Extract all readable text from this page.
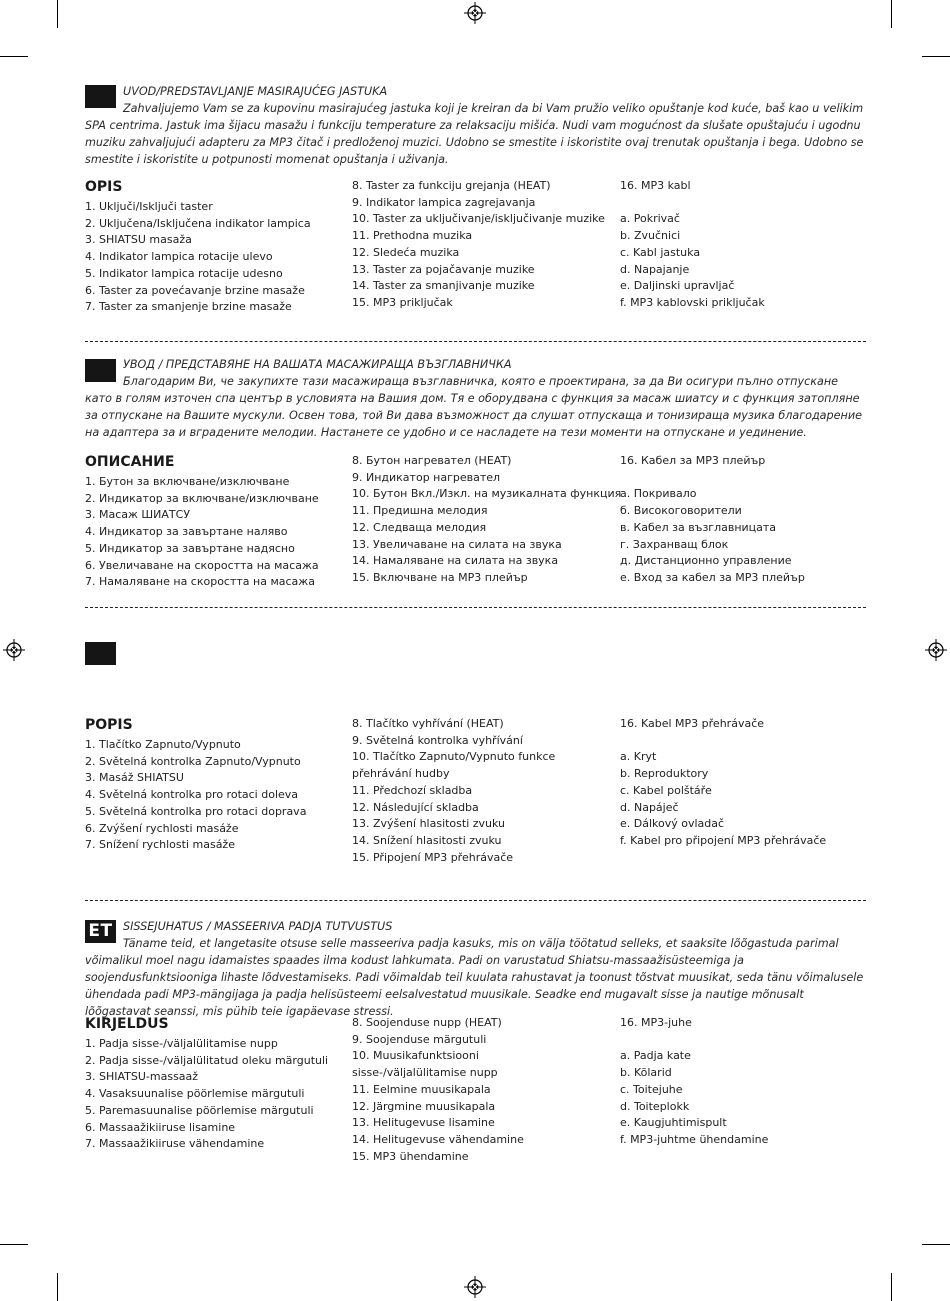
UVOD/PREDSTAVLJANJE MASIRAJUĆEG JASTUKA
Zahvaljujemo Vam se za kupovinu masirajućeg jastuka koji je kreiran da bi Vam pružio veliko opuštanje kod kuće, baš kao u velikim SPA centrima. Jastuk ima šijacu masažu i funkciju temperature za relaksaciju mišića. Nudi vam mogućnost da slušate opuštajuću i ugodnu muziku zahvaljujući adapteru za MP3 čitač i predloženoj muzici. Udobno se smestite i iskoristite ovaj trenutak opuštanja i bega. Udobno se smestite i iskoristite u potpunosti momenat opuštanja i uživanja.
OPIS
1. Uključi/Isključi taster
2. Uključena/Isključena indikator lampica
3. SHIATSU masaža
4. Indikator lampica rotacije ulevo
5. Indikator lampica rotacije udesno
6. Taster za povećavanje brzine masaže
7. Taster za smanjenje brzine masaže
8. Taster za funkciju grejanja (HEAT)
9. Indikator lampica zagrejavanja
10. Taster za uključivanje/isključivanje muzike
11. Prethodna muzika
12. Sledeća muzika
13. Taster za pojačavanje muzike
14. Taster za smanjivanje muzike
15. MP3 priključak
16. MP3 kabl
a. Pokrivač
b. Zvučnici
c. Kabl jastuka
d. Napajanje
e. Daljinski upravljač
f. MP3 kablovski priključak
УВОД / ПРЕДСТАВЯНЕ НА ВАШАТА МАСАЖИРАЩА ВЪЗГЛАВНИЧКА
Благодарим Ви, че закупихте тази масажираща възглавничка, която е проектирана, за да Ви осигури пълно отпускане като в голям източен спа център в условията на Вашия дом. Тя е оборудвана с функция за масаж шиатсу и с функция затопляне за отпускане на Вашите мускули. Освен това, той Ви дава възможност да слушат отпускаща и тонизираща музика благодарение на адаптера за и вградените мелодии. Настанете се удобно и се насладете на тези моменти на отпускане и уединение.
ОПИСАНИЕ
1. Бутон за включване/изключване
2. Индикатор за включване/изключване
3. Масаж ШИАТСУ
4. Индикатор за завъртане наляво
5. Индикатор за завъртане надясно
6. Увеличаване на скоростта на масажа
7. Намаляване на скоростта на масажа
8. Бутон нагревател (HEAT)
9. Индикатор нагревател
10. Бутон Вкл./Изкл. на музикалната функция
11. Предишна мелодия
12. Следваща мелодия
13. Увеличаване на силата на звука
14. Намаляване на силата на звука
15. Включване на MP3 плейър
16. Кабел за MP3 плейър
а. Покривало
б. Високоговорители
в. Кабел за възглавницата
г. Захранващ блок
д. Дистанционно управление
е. Вход за кабел за MP3 плейър
POPIS
1. Tlačítko Zapnuto/Vypnuto
2. Světelná kontrolka Zapnuto/Vypnuto
3. Masáž SHIATSU
4. Světelná kontrolka pro rotaci doleva
5. Světelná kontrolka pro rotaci doprava
6. Zvýšení rychlosti masáže
7. Snížení rychlosti masáže
8. Tlačítko vyhřívání (HEAT)
9. Světelná kontrolka vyhřívání
10. Tlačítko Zapnuto/Vypnuto funkce přehrávání hudby
11. Předchozí skladba
12. Následující skladba
13. Zvýšení hlasitosti zvuku
14. Snížení hlasitosti zvuku
15. Připojení MP3 přehrávače
16. Kabel MP3 přehrávače
a. Kryt
b. Reproduktory
c. Kabel polštáře
d. Napáječ
e. Dálkový ovladač
f. Kabel pro připojení MP3 přehrávače
ET SISSEJUHATUS / MASSEERIVA PADJA TUTVUSTUS
Täname teid, et langetasite otsuse selle masseeriva padja kasuks, mis on välja töötatud selleks, et saaksite lõõgastuda parimal võimalikul moel nagu idamaistes spaades ilma kodust lahkumata. Padi on varustatud Shiatsu-massaažisüsteemiga ja soojendusfunktsiooniga lihaste lõdvestamiseks. Padi võimaldab teil kuulata rahustavat ja toonust tõstvat muusikat, seda tänu võimalusele ühendada padi MP3-mängijaga ja padja helisüsteemi eelsalvestatud muusikale. Seadke end mugavalt sisse ja nautige mõnusalt lõõgastavat seanssi, mis pühib teie igapäevase stressi.
KIRJELDUS
1. Padja sisse-/väljalülitamise nupp
2. Padja sisse-/väljalülitatud oleku märgutuli
3. SHIATSU-massaaž
4. Vasaksuunalise pöörlemise märgutuli
5. Paremasuunalise pöörlemise märgutuli
6. Massaažikiiruse lisamine
7. Massaažikiiruse vähendamine
8. Soojenduse nupp (HEAT)
9. Soojenduse märgutuli
10. Muusikafunktsiooni sisse-/väljalülitamise nupp
11. Eelmine muusikapala
12. Järgmine muusikapala
13. Helitugevuse lisamine
14. Helitugevuse vähendamine
15. MP3 ühendamine
16. MP3-juhe
a. Padja kate
b. Kõlarid
c. Toitejuhe
d. Toiteplokk
e. Kaugjuhtimispult
f. MP3-juhtme ühendamine
